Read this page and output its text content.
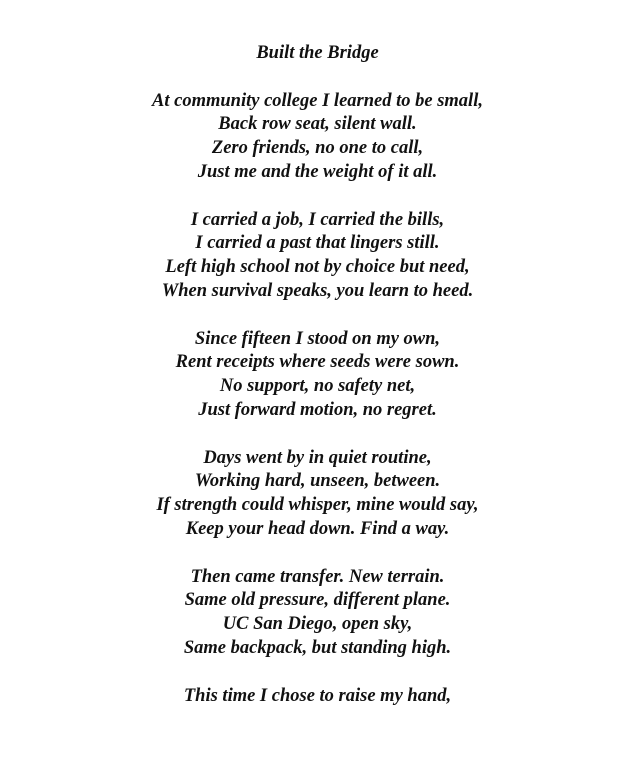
Built the Bridge
At community college I learned to be small,
Back row seat, silent wall.
Zero friends, no one to call,
Just me and the weight of it all.
I carried a job, I carried the bills,
I carried a past that lingers still.
Left high school not by choice but need,
When survival speaks, you learn to heed.
Since fifteen I stood on my own,
Rent receipts where seeds were sown.
No support, no safety net,
Just forward motion, no regret.
Days went by in quiet routine,
Working hard, unseen, between.
If strength could whisper, mine would say,
Keep your head down. Find a way.
Then came transfer. New terrain.
Same old pressure, different plane.
UC San Diego, open sky,
Same backpack, but standing high.
This time I chose to raise my hand,
